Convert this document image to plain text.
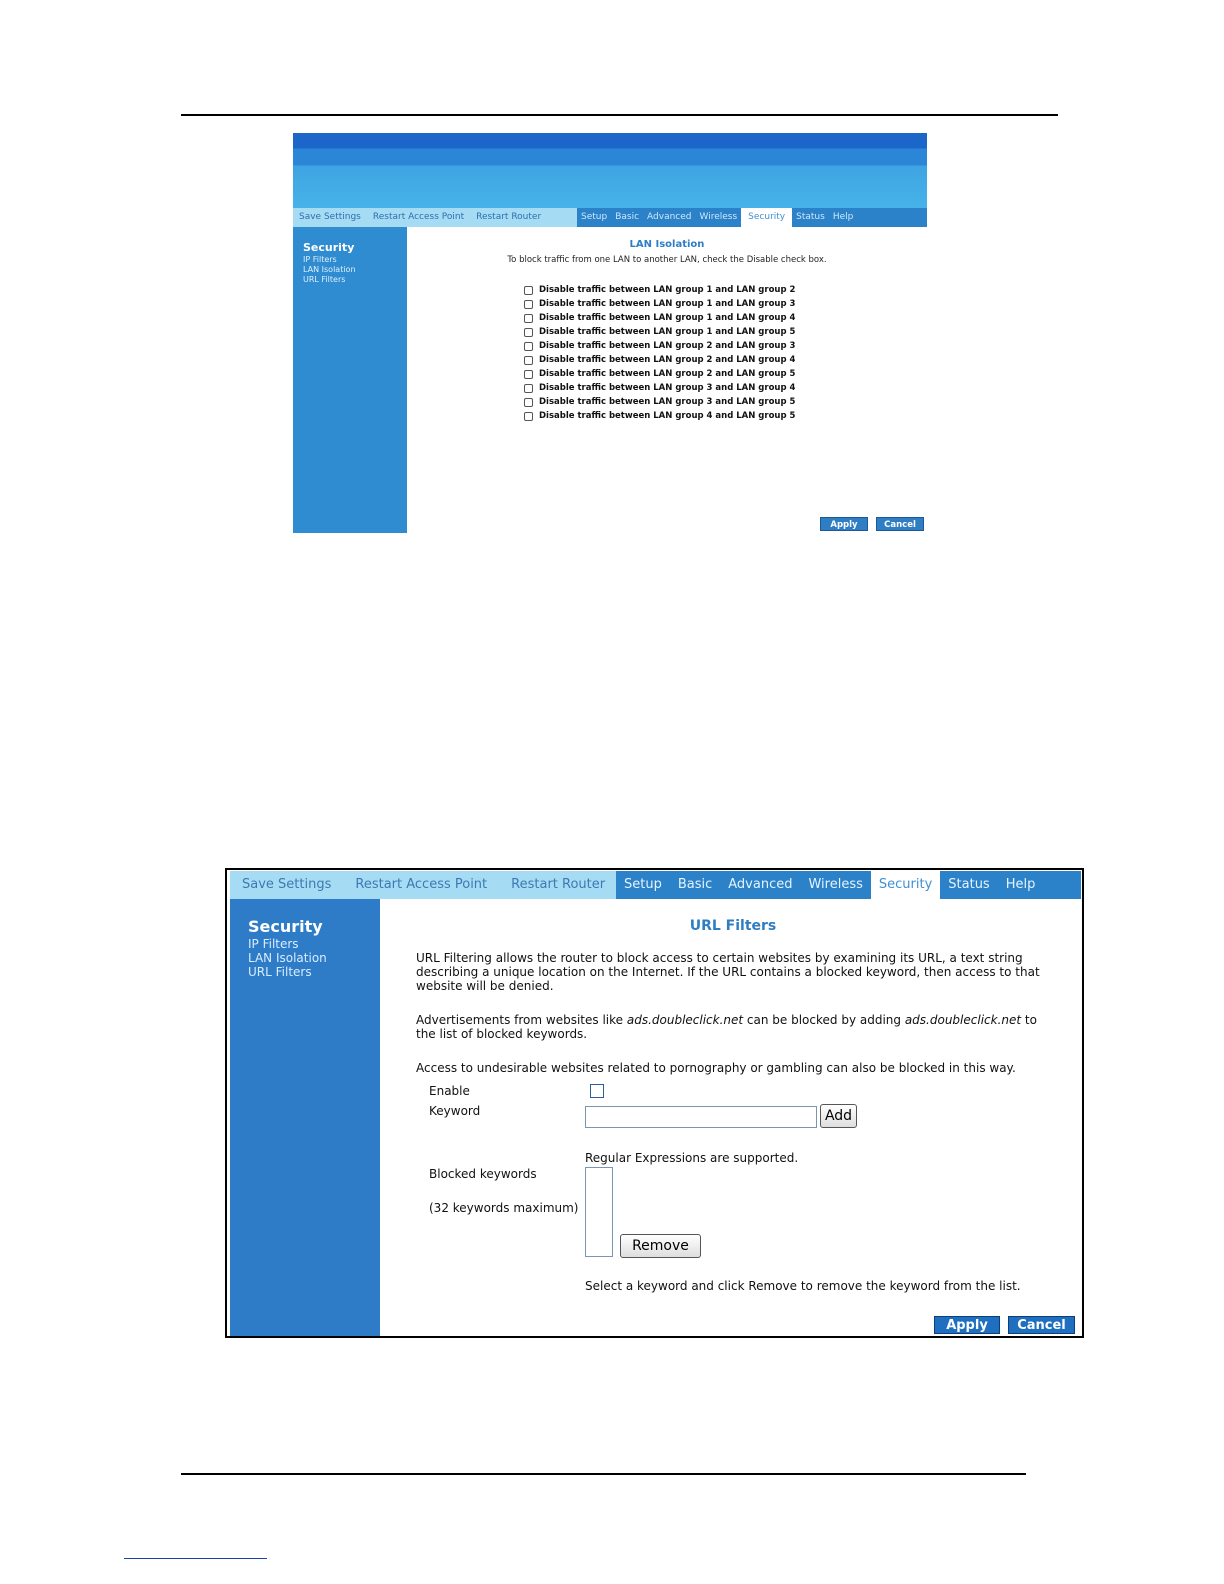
Save Settings	Restart Access Point	Restart Router	Setup Basic Advanced Wireless	Security	Status Help
Security
IP Filters
LAN Isolation
URL Filters
LAN Isolation
To block traffic from one LAN to another LAN, check the Disable check box.
Disable traffic between LAN group 1 and LAN group 2
Disable traffic between LAN group 1 and LAN group 3
Disable traffic between LAN group 1 and LAN group 4
Disable traffic between LAN group 1 and LAN group 5
Disable traffic between LAN group 2 and LAN group 3
Disable traffic between LAN group 2 and LAN group 4
Disable traffic between LAN group 2 and LAN group 5
Disable traffic between LAN group 3 and LAN group 4
Disable traffic between LAN group 3 and LAN group 5
Disable traffic between LAN group 4 and LAN group 5
Apply	Cancel
Save Settings	Restart Access Point	Restart Router	Setup	Basic	Advanced	Wireless	Security	Status	Help
Security
IP Filters
LAN Isolation
URL Filters
URL Filters
URL Filtering allows the router to block access to certain websites by examining its URL, a text string describing a unique location on the Internet. If the URL contains a blocked keyword, then access to that website will be denied.
Advertisements from websites like ads.doubleclick.net can be blocked by adding ads.doubleclick.net to the list of blocked keywords.
Access to undesirable websites related to pornography or gambling can also be blocked in this way.
Enable
Keyword	Add
Regular Expressions are supported.
Blocked keywords
(32 keywords maximum)
Remove
Select a keyword and click Remove to remove the keyword from the list.
Apply	Cancel
